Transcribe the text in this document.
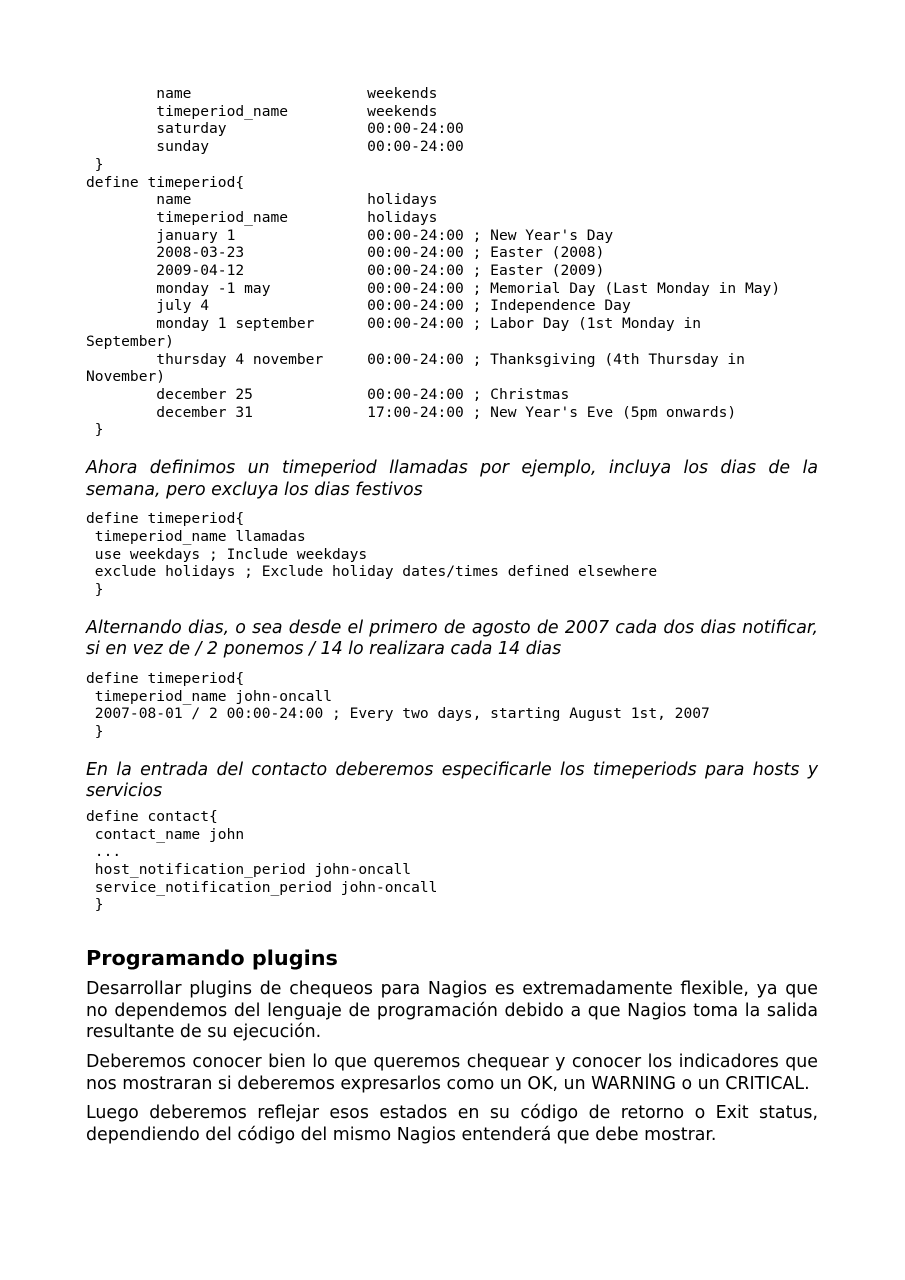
name                    weekends
timeperiod_name         weekends
saturday                00:00-24:00
sunday                  00:00-24:00
}
define timeperiod{
name                    holidays
timeperiod_name         holidays
january 1               00:00-24:00 ; New Year's Day
2008-03-23              00:00-24:00 ; Easter (2008)
2009-04-12              00:00-24:00 ; Easter (2009)
monday -1 may           00:00-24:00 ; Memorial Day (Last Monday in May)
july 4                  00:00-24:00 ; Independence Day
monday 1 september      00:00-24:00 ; Labor Day (1st Monday in
September)
thursday 4 november     00:00-24:00 ; Thanksgiving (4th Thursday in
November)
december 25             00:00-24:00 ; Christmas
december 31             17:00-24:00 ; New Year's Eve (5pm onwards)
}

Ahora definimos un timeperiod llamadas por ejemplo, incluya los dias de la semana, pero excluya los dias festivos

define timeperiod{
timeperiod_name llamadas
use weekdays ; Include weekdays
exclude holidays ; Exclude holiday dates/times defined elsewhere
}

Alternando dias, o sea desde el primero de agosto de 2007 cada dos dias notificar, si en vez de / 2 ponemos / 14 lo realizara cada 14 dias

define timeperiod{
timeperiod_name john-oncall
2007-08-01 / 2 00:00-24:00 ; Every two days, starting August 1st, 2007
}

En la entrada del contacto deberemos especificarle los timeperiods para hosts y servicios

define contact{
contact_name john
...
host_notification_period john-oncall
service_notification_period john-oncall
}
Programando plugins

Desarrollar plugins de chequeos para Nagios es extremadamente flexible, ya que no dependemos del lenguaje de programación debido a que Nagios toma la salida resultante de su ejecución.

Deberemos conocer bien lo que queremos chequear y conocer los indicadores que nos mostraran si deberemos expresarlos como un OK, un WARNING o un CRITICAL.

Luego deberemos reflejar esos estados en su código de retorno o Exit status, dependiendo del código del mismo Nagios entenderá que debe mostrar.
